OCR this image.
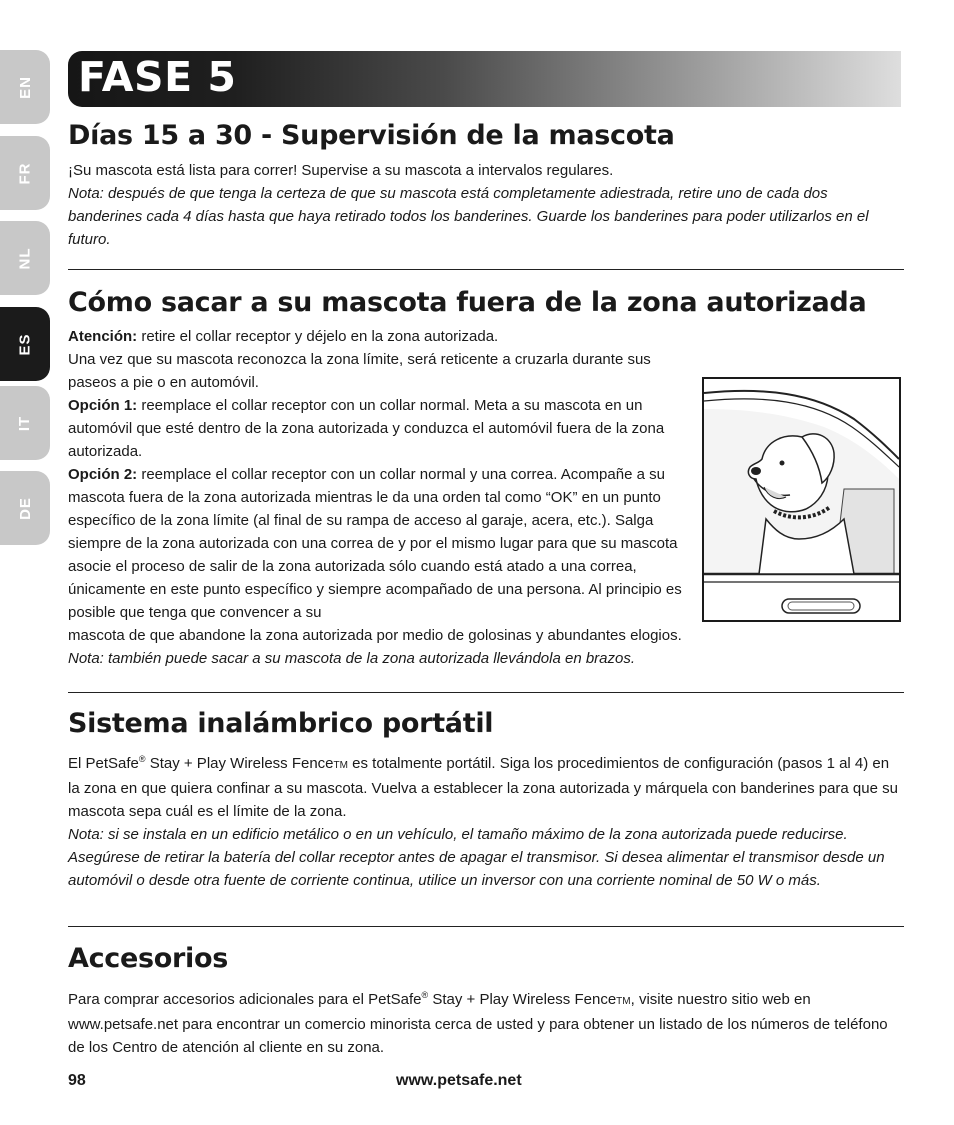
EN
FR
NL
ES
IT
DE
FASE 5
Días 15 a 30 - Supervisión de la mascota

¡Su mascota está lista para correr! Supervise a su mascota a intervalos regulares.

Nota: después de que tenga la certeza de que su mascota está completamente adiestrada, retire uno de cada dos banderines cada 4 días hasta que haya retirado todos los banderines. Guarde los banderines para poder utilizarlos en el futuro.

Cómo sacar a su mascota fuera de la zona autorizada

Atención: retire el collar receptor y déjelo en la zona autorizada.

Una vez que su mascota reconozca la zona límite, será reticente a cruzarla durante sus paseos a pie o en automóvil.

Opción 1: reemplace el collar receptor con un collar normal. Meta a su mascota en un automóvil que esté dentro de la zona autorizada y conduzca el automóvil fuera de la zona autorizada.

Opción 2: reemplace el collar receptor con un collar normal y una correa. Acompañe a su mascota fuera de la zona autorizada mientras le da una orden tal como “OK” en un punto específico de la zona límite (al final de su rampa de acceso al garaje, acera, etc.). Salga siempre de la zona autorizada con una correa de y por el mismo lugar para que su mascota asocie el proceso de salir de la zona autorizada sólo cuando está atado a una correa, únicamente en este punto específico y siempre acompañado de una persona. Al principio es posible que tenga que convencer a su

mascota de que abandone la zona autorizada por medio de golosinas y abundantes elogios.

Nota: también puede sacar a su mascota de la zona autorizada llevándola en brazos.

Sistema inalámbrico portátil

El PetSafe® Stay + Play Wireless FenceTM es totalmente portátil. Siga los procedimientos de configuración (pasos 1 al 4) en la zona en que quiera confinar a su mascota. Vuelva a establecer la zona autorizada y márquela con banderines para que su mascota sepa cuál es el límite de la zona.

Nota: si se instala en un edificio metálico o en un vehículo, el tamaño máximo de la zona autorizada puede reducirse. Asegúrese de retirar la batería del collar receptor antes de apagar el transmisor. Si desea alimentar el transmisor desde un automóvil o desde otra fuente de corriente continua, utilice un inversor con una corriente nominal de 50 W o más.

Accesorios

Para comprar accesorios adicionales para el PetSafe® Stay + Play Wireless FenceTM, visite nuestro sitio web en www.petsafe.net para encontrar un comercio minorista cerca de usted y para obtener un listado de los números de teléfono de los Centro de atención al cliente en su zona.

98	www.petsafe.net
